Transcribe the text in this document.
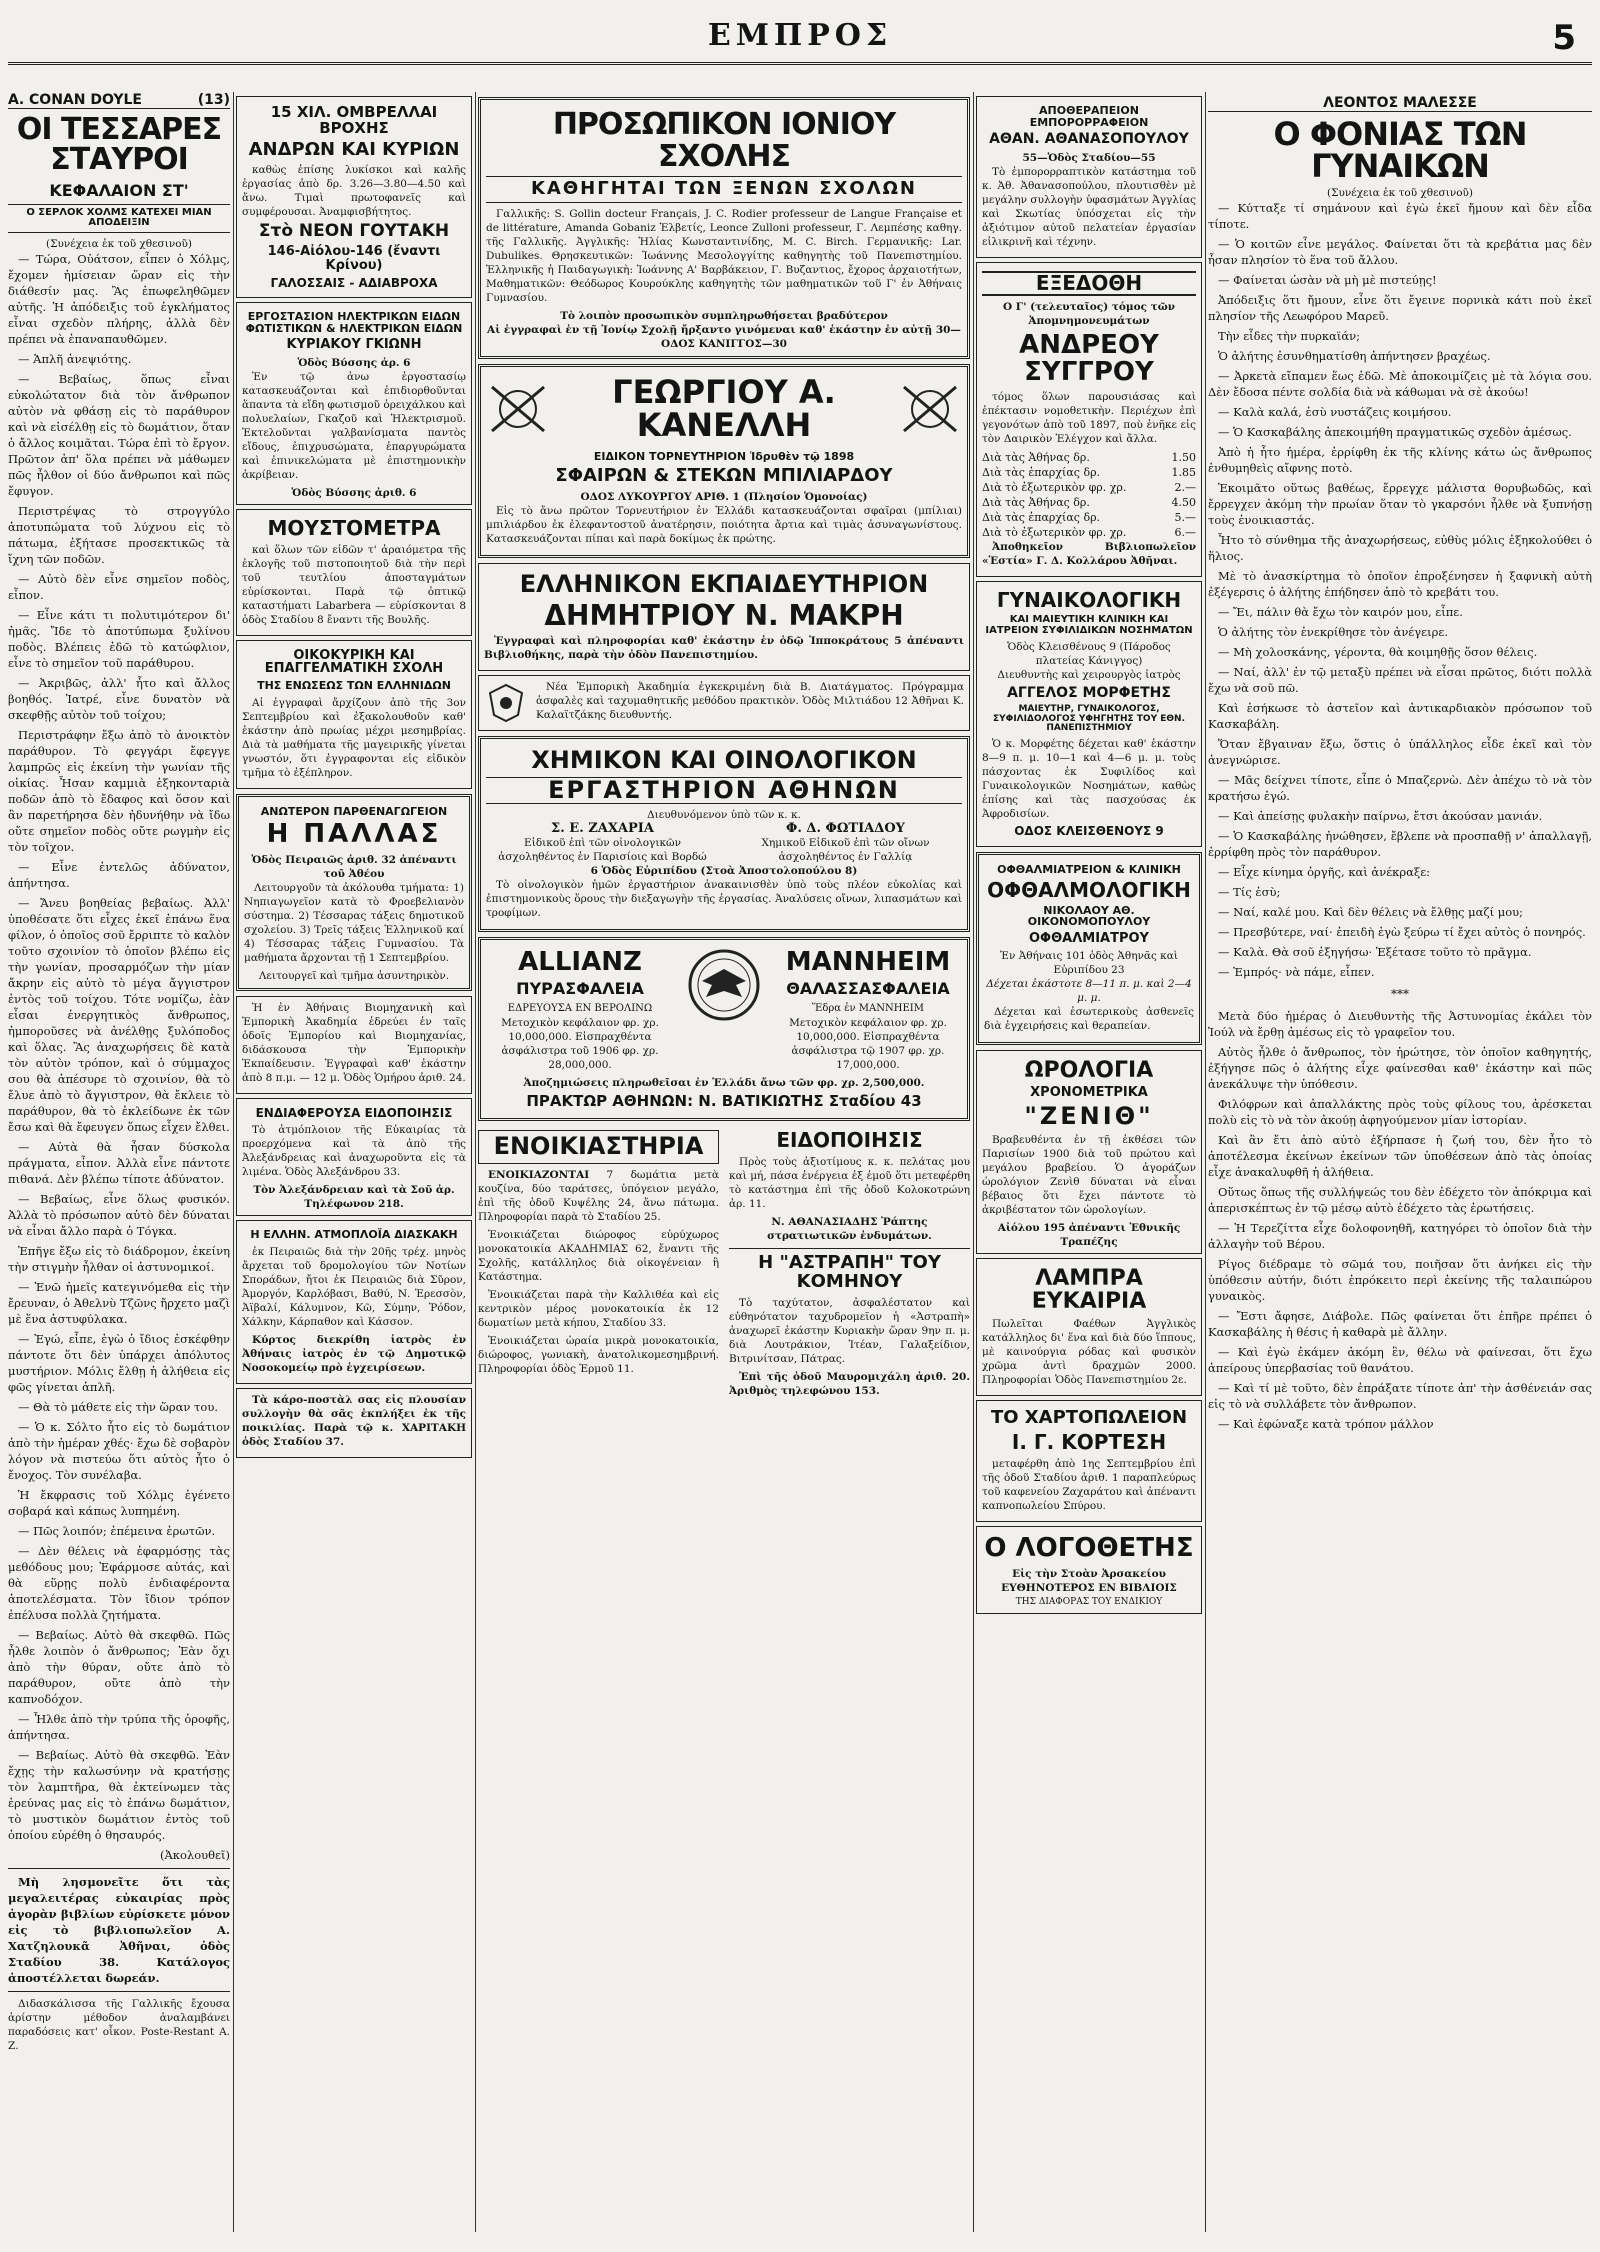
ΕΜΠΡΟΣ	5
Α. CONAN DOYLE	(13)
ΟΙ ΤΕΣΣΑΡΕΣ ΣΤΑΥΡΟΙ
ΚΕΦΑΛΑΙΟΝ ΣΤ'
Ο ΣΕΡΛΟΚ ΧΟΛΜΣ ΚΑΤΕΧΕΙ ΜΙΑΝ ΑΠΟΔΕΙΞΙΝ
(Συνέχεια ἐκ τοῦ χθεσινοῦ)

— Τώρα, Οὐάτσον, εἶπεν ὁ Χόλμς, ἔχομεν ἡμίσειαν ὥραν εἰς τὴν διάθεσίν μας. Ἂς ἐπωφεληθῶμεν αὐτῆς. Ἡ ἀπόδειξις τοῦ ἐγκλήματος εἶναι σχεδὸν πλήρης, ἀλλὰ δὲν πρέπει νὰ ἐπαναπαυθῶμεν.

— Ἁπλῆ ἀνεψιότης.

— Βεβαίως, ὅπως εἶναι εὐκολώτατον διὰ τὸν ἄνθρωπον αὐτὸν νὰ φθάσῃ εἰς τὸ παράθυρον καὶ νὰ εἰσέλθῃ εἰς τὸ δωμάτιον, ὅταν ὁ ἄλλος κοιμᾶται. Τώρα ἐπὶ τὸ ἔργον. Πρῶτον ἀπ' ὅλα πρέπει νὰ μάθωμεν πῶς ἦλθον οἱ δύο ἄνθρωποι καὶ πῶς ἔφυγον.

Περιστρέψας τὸ στρογγύλο ἀποτυπώματα τοῦ λύχνου εἰς τὸ πάτωμα, ἐξήτασε προσεκτικῶς τὰ ἴχνη τῶν ποδῶν.

— Αὐτὸ δὲν εἶνε σημεῖον ποδὸς, εἶπον.

— Εἶνε κάτι τι πολυτιμότερον δι' ἡμᾶς. Ἴδε τὸ ἀποτύπωμα ξυλίνου ποδὸς. Βλέπεις ἐδῶ τὸ κατώφλιον, εἶνε τὸ σημεῖον τοῦ παράθυρου.

— Ἀκριβῶς, ἀλλ' ἦτο καὶ ἄλλος βοηθός. Ἰατρέ, εἶνε δυνατὸν νὰ σκεφθῇς αὐτὸν τοῦ τοίχου;

Περιστράφην ἔξω ἀπὸ τὸ ἀνοικτὸν παράθυρον. Τὸ φεγγάρι ἔφεγγε λαμπρῶς εἰς ἐκείνη τὴν γωνίαν τῆς οἰκίας. Ἦσαν καμμιὰ ἑξηκονταριὰ ποδῶν ἀπὸ τὸ ἔδαφος καὶ ὅσον καὶ ἂν παρετήρησα δὲν ἠδυνήθην νὰ ἴδω οὔτε σημεῖον ποδὸς οὔτε ρωγμὴν εἰς τὸν τοῖχον.

— Εἶνε ἐντελῶς ἀδύνατον, ἀπήντησα.

— Ἄνευ βοηθείας βεβαίως. Ἀλλ' ὑποθέσατε ὅτι εἶχες ἐκεῖ ἐπάνω ἕνα φίλον, ὁ ὁποῖος σοῦ ἔρριπτε τὸ καλὸν τοῦτο σχοινίον τὸ ὁποῖον βλέπω εἰς τὴν γωνίαν, προσαρμόζων τὴν μίαν ἄκρην εἰς αὐτὸ τὸ μέγα ἄγγιστρον ἐντὸς τοῦ τοίχου. Τότε νομίζω, ἐὰν εἶσαι ἐνεργητικὸς ἄνθρωπος, ἠμποροῦσες νὰ ἀνέλθῃς ξυλόποδος καὶ ὅλας. Ἂς ἀναχωρήσεις δὲ κατὰ τὸν αὐτὸν τρόπον, καὶ ὁ σύμμαχος σου θὰ ἀπέσυρε τὸ σχοινίον, θὰ τὸ ἔλυε ἀπὸ τὸ ἄγγιστρον, θὰ ἔκλειε τὸ παράθυρον, θὰ τὸ ἐκλείδωνε ἐκ τῶν ἔσω καὶ θὰ ἔφευγεν ὅπως εἶχεν ἔλθει.

— Αὐτὰ θὰ ἦσαν δύσκολα πράγματα, εἶπον. Ἀλλὰ εἶνε πάντοτε πιθανά. Δὲν βλέπω τίποτε ἀδύνατον.

— Βεβαίως, εἶνε ὅλως φυσικόν. Ἀλλὰ τὸ πρόσωπον αὐτὸ δὲν δύναται νὰ εἶναι ἄλλο παρὰ ὁ Τόγκα.

Ἐπῆγε ἔξω εἰς τὸ διάδρομον, ἐκείνη τὴν στιγμὴν ἦλθαν οἱ ἀστυνομικοί.

— Ἐνῶ ἡμεῖς κατεγινόμεθα εἰς τὴν ἔρευναν, ὁ Ἀθελνὺ Τζῶνς ἤρχετο μαζὶ μὲ ἕνα ἀστυφύλακα.

— Ἐγώ, εἶπε, ἐγὼ ὁ ἴδιος ἐσκέφθην πάντοτε ὅτι δὲν ὑπάρχει ἀπόλυτος μυστήριον. Μόλις ἔλθῃ ἡ ἀλήθεια εἰς φῶς γίνεται ἁπλῆ.

— Θὰ τὸ μάθετε εἰς τὴν ὥραν του.

— Ὁ κ. Σόλτο ἦτο εἰς τὸ δωμάτιον ἀπὸ τὴν ἡμέραν χθές· ἔχω δὲ σοβαρὸν λόγον νὰ πιστεύω ὅτι αὐτὸς ἦτο ὁ ἔνοχος. Τὸν συνέλαβα.

Ἡ ἔκφρασις τοῦ Χόλμς ἐγένετο σοβαρά καὶ κάπως λυπημένη.

— Πῶς λοιπόν; ἐπέμεινα ἐρωτῶν.

— Δὲν θέλεις νὰ ἐφαρμόσῃς τὰς μεθόδους μου; Ἐφάρμοσε αὐτάς, καὶ θὰ εὕρῃς πολὺ ἐνδιαφέροντα ἀποτελέσματα. Τὸν ἴδιον τρόπον ἐπέλυσα πολλὰ ζητήματα.

— Βεβαίως. Αὐτὸ θὰ σκεφθῶ. Πῶς ἦλθε λοιπὸν ὁ ἄνθρωπος; Ἐὰν ὄχι ἀπὸ τὴν θύραν, οὔτε ἀπὸ τὸ παράθυρον, οὔτε ἀπὸ τὴν καπνοδόχον.

— Ἦλθε ἀπὸ τὴν τρύπα τῆς ὀροφῆς, ἀπήντησα.

— Βεβαίως. Αὐτὸ θὰ σκεφθῶ. Ἐὰν ἔχῃς τὴν καλωσύνην νὰ κρατήσῃς τὸν λαμπτῆρα, θὰ ἐκτείνωμεν τὰς ἐρεύνας μας εἰς τὸ ἐπάνω δωμάτιον, τὸ μυστικὸν δωμάτιον ἐντὸς τοῦ ὁποίου εὑρέθη ὁ θησαυρός.

(Ἀκολουθεῖ)

Μὴ λησμονεῖτε ὅτι τὰς μεγαλειτέρας εὐκαιρίας πρὸς ἀγορὰν βιβλίων εὑρίσκετε μόνον εἰς τὸ βιβλιοπωλεῖον Α. Χατζηλουκᾶ Ἀθῆναι, ὁδὸς Σταδίου 38. Κατάλογος ἀποστέλλεται δωρεάν.

Διδασκάλισσα τῆς Γαλλικῆς ἔχουσα ἀρίστην μέθοδον ἀναλαμβάνει παραδόσεις κατ' οἶκον. Poste-Restant Α. Ζ.

15 ΧΙΛ. ΟΜΒΡΕΛΛΑΙ ΒΡΟΧΗΣ
ΑΝΔΡΩΝ ΚΑΙ ΚΥΡΙΩΝ

καθὼς ἐπίσης λυκίσκοι καὶ καλῆς ἐργασίας ἀπὸ δρ. 3.26—3.80—4.50 καὶ ἄνω. Τιμαὶ πρωτοφανεῖς καὶ συμφέρουσαι. Ἀναμφισβήτητος.

Στὸ ΝΕΟΝ ΓΟΥΤΑΚΗ
146-Αἰόλου-146 (ἔναντι Κρίνου)
ΓΑΛΟΣΣΑΙΣ - ΑΔΙΑΒΡΟΧΑ
ΕΡΓΟΣΤΑΣΙΟΝ ΗΛΕΚΤΡΙΚΩΝ ΕΙΔΩΝ ΦΩΤΙΣΤΙΚΩΝ & ΗΛΕΚΤΡΙΚΩΝ ΕΙΔΩΝ
ΚΥΡΙΑΚΟΥ ΓΚΙΩΝΗ
Ὁδὸς Βύσσης ἀρ. 6

Ἐν τῷ ἀνω ἐργοστασίῳ κατασκευάζονται καὶ ἐπιδιορθοῦνται ἅπαντα τὰ εἴδη φωτισμοῦ ὁρειχάλκου καὶ πολυελαίων, Γκαζοῦ καὶ Ἠλεκτρισμοῦ. Ἐκτελοῦνται γαλβανίσματα παντὸς εἴδους, ἐπιχρυσώματα, ἐπαργυρώματα καὶ ἐπινικελώματα μὲ ἐπιστημονικὴν ἀκρίβειαν.

Ὁδὸς Βύσσης ἀριθ. 6
ΜΟΥΣΤΟΜΕΤΡΑ

καὶ ὅλων τῶν εἰδῶν τ' ἀραιόμετρα τῆς ἐκλογῆς τοῦ πιστοποιητοῦ διὰ τὴν περὶ τοῦ τευτλίου ἀποσταγμάτων εὑρίσκονται. Παρὰ τῷ ὀπτικῷ καταστήματι Labarbera — εὑρίσκονται 8 ὁδὸς Σταδίου 8 ἔναντι τῆς Βουλῆς.

ΟΙΚΟΚΥΡΙΚΗ ΚΑΙ ΕΠΑΓΓΕΛΜΑΤΙΚΗ ΣΧΟΛΗ
ΤΗΣ ΕΝΩΣΕΩΣ ΤΩΝ ΕΛΛΗΝΙΔΩΝ

Αἱ ἐγγραφαὶ ἄρχίζουν ἀπὸ τῆς 3ον Σεπτεμβρίου καὶ ἐξακολουθοῦν καθ' ἑκάστην ἀπὸ πρωίας μέχρι μεσημβρίας. Διὰ τὰ μαθήματα τῆς μαγειρικῆς γίνεται γνωστόν, ὅτι ἐγγραφονται εἰς εἰδικὸν τμῆμα τὸ ἐξέπληρον.

ΑΝΩΤΕΡΟΝ ΠΑΡΘΕΝΑΓΩΓΕΙΟΝ
Η ΠΑΛΛΑΣ
Ὁδὸς Πειραιῶς ἀριθ. 32 ἀπέναντι τοῦ Ἀθέου

Λειτουργοῦν τὰ ἀκόλουθα τμήματα: 1) Νηπιαγωγεῖον κατὰ τὸ Φροεβελιανὸν σύστημα. 2) Τέσσαρας τάξεις δημοτικοῦ σχολείου. 3) Τρεῖς τάξεις Ἑλληνικοῦ καί 4) Τέσσαρας τάξεις Γυμνασίου. Τὰ μαθήματα ἄρχονται τῇ 1 Σεπτεμβρίου.

Λειτουργεῖ καὶ τμῆμα ἀσυντηρικὸν.

Ἡ ἐν Ἀθήναις Βιομηχανικὴ καὶ Ἐμπορικὴ Ἀκαδημία ἐδρεύει ἐν ταῖς ὁδοῖς Ἐμπορίου καὶ Βιομηχανίας, διδάσκουσα τὴν Ἐμπορικὴν Ἐκπαίδευσιν. Ἐγγραφαὶ καθ' ἑκάστην ἀπὸ 8 π.μ. — 12 μ. Ὁδὸς Ὁμήρου ἀριθ. 24.

ΕΝΔΙΑΦΕΡΟΥΣΑ ΕΙΔΟΠΟΙΗΣΙΣ

Τὸ ἀτμόπλοιον τῆς Εὐκαιρίας τὰ προερχόμενα καὶ τὰ ἀπὸ τῆς Ἀλεξάνδρειας καὶ ἀναχωροῦντα εἰς τὰ λιμένα. Ὁδὸς Ἀλεξάνδρου 33.

Τὸν Ἀλεξάνδρειαν καὶ τὰ Σοῦ ἀρ. Τηλέφωνον 218.
Η ΕΛΛΗΝ. ΑΤΜΟΠΛΟΪΑ ΔΙΑΣΚΑΚΗ

ἐκ Πειραιῶς διὰ τὴν 20ῆς τρέχ. μηνὸς ἄρχεται τοῦ δρομολογίου τῶν Νοτίων Σποράδων, ἤτοι ἐκ Πειραιῶς διὰ Σῦρον, Ἀμοργόν, Καρλόβασι, Βαθύ, Ν. Ἐρεσσὸν, Ἀϊβαλί, Κάλυμνον, Κῶ, Σύμην, Ῥόδον, Χάλκην, Κάρπαθον καὶ Κάσσον.

Κύρτος διεκρίθη ἰατρὸς ἐν Ἀθήναις ἰατρὸς ἐν τῷ Δημοτικῷ Νοσοκομείῳ πρὸ ἐγχειρίσεων.

Τὰ κάρο-ποστὰλ σας εἰς πλουσίαν συλλογὴν θὰ σᾶς ἐκπλήξει ἐκ τῆς ποικιλίας. Παρὰ τῷ κ. ΧΑΡΙΤΑΚΗ ὁδὸς Σταδίου 37.

ΠΡΟΣΩΠΙΚΟΝ ΙΟΝΙΟΥ ΣΧΟΛΗΣ
ΚΑΘΗΓΗΤΑΙ ΤΩΝ ΞΕΝΩΝ ΣΧΟΛΩΝ

Γαλλικῆς: S. Gollin docteur Français, J. C. Rodier professeur de Langue Française et de littérature, Amanda Gobaniz Ἑλβετίς, Leonce Zulloni professeur, Γ. Λεμπέσης καθηγ. τῆς Γαλλικῆς. Ἀγγλικῆς: Ἠλίας Κωνσταντινίδης, M. C. Birch. Γερμανικῆς: Lar. Dubulikes. Θρησκευτικῶν: Ἰωάννης Μεσολογγίτης καθηγητὴς τοῦ Πανεπιστημίου. Ἑλληνικῆς ἡ Παιδαγωγικὴ: Ἰωάννης Α' Βαρβάκειον, Γ. Βυζαντιος, ἔχορος ἀρχαιοτήτων, Μαθηματικῶν: Θεόδωρος Κουρούκλης καθηγητὴς τῶν μαθηματικῶν τοῦ Γ' ἐν Ἀθήναις Γυμνασίου.

Τὸ λοιπὸν προσωπικὸν συμπληρωθήσεται βραδύτερον
Αἱ ἐγγραφαὶ ἐν τῇ Ἰονίῳ Σχολῇ ἤρξαντο γινόμεναι καθ' ἑκάστην ἐν αὐτῇ 30—ΟΔΟΣ ΚΑΝΙΓΓΟΣ—30
ΓΕΩΡΓΙΟΥ Α. ΚΑΝΕΛΛΗ
ΕΙΔΙΚΟΝ ΤΟΡΝΕΥΤΗΡΙΟΝ Ἱδρυθὲν τῷ 1898
ΣΦΑΙΡΩΝ & ΣΤΕΚΩΝ ΜΠΙΛΙΑΡΔΟΥ
ΟΔΟΣ ΛΥΚΟΥΡΓΟΥ ΑΡΙΘ. 1 (Πλησίον Ὁμονοίας)

Εἰς τὸ ἄνω πρῶτον Τορνευτήριον ἐν Ἑλλάδι κατασκευάζονται σφαῖραι (μπίλιαι) μπιλιάρδου ἐκ ἐλεφαντοστοῦ ἀνατέρησιν, ποιότητα ἄρτια καὶ τιμὰς ἀσυναγωνίστους. Κατασκευάζονται πίπαι καὶ παρὰ δοκίμως ἐκ πρώτης.

ΕΛΛΗΝΙΚΟΝ ΕΚΠΑΙΔΕΥΤΗΡΙΟΝ
ΔΗΜΗΤΡΙΟΥ Ν. ΜΑΚΡΗ

Ἐγγραφαὶ καὶ πληροφορίαι καθ' ἑκάστην ἐν ὁδῷ Ἱπποκράτους 5 ἀπέναντι Βιβλιοθήκης, παρὰ τὴν ὁδὸν Πανεπιστημίου.

Νέα Ἐμπορικὴ Ἀκαδημία ἐγκεκριμένη διὰ Β. Διατάγματος. Πρόγραμμα ἀσφαλὲς καὶ ταχυμαθητικῆς μεθόδου πρακτικὸν. Ὁδὸς Μιλτιάδου 12 Ἀθῆναι Κ. Καλαϊτζάκης διευθυντής.

ΧΗΜΙΚΟΝ ΚΑΙ ΟΙΝΟΛΟΓΙΚΟΝ
ΕΡΓΑΣΤΗΡΙΟΝ ΑΘΗΝΩΝ
Διευθυνόμενον ὑπὸ τῶν κ. κ.
Σ. Ε. ΖΑΧΑΡΙΑ
Εἰδικοῦ ἐπὶ τῶν οἰνολογικῶν ἀσχοληθέντος ἐν Παρισίοις καὶ Βορδώ
Φ. Δ. ΦΩΤΙΑΔΟΥ
Χημικοῦ Εἰδικοῦ ἐπὶ τῶν οἴνων ἀσχοληθέντος ἐν Γαλλίᾳ
6 Ὁδὸς Εὐριπίδου (Στοὰ Ἀποστολοπούλου 8)

Τὸ οἰνολογικὸν ἡμῶν ἐργαστήριον ἀνακαινισθὲν ὑπὸ τοὺς πλέον εὐκολίας καὶ ἐπιστημονικοὺς ὅρους τὴν διεξαγωγὴν τῆς ἐργασίας. Ἀναλύσεις οἴνων, λιπασμάτων καὶ τροφίμων.

ALLIANZ
ΠΥΡΑΣΦΑΛΕΙΑ
ΕΔΡΕΥΟΥΣΑ ΕΝ ΒΕΡΟΛΙΝΩ

Μετοχικὸν κεφάλαιον φρ. χρ. 10,000,000. Εἰσπραχθέντα ἀσφάλιστρα τοῦ 1906 φρ. χρ. 28,000,000.

MANNHEIM
ΘΑΛΑΣΣΑΣΦΑΛΕΙΑ
Ἕδρα ἐν MANNHEIM

Μετοχικὸν κεφάλαιον φρ. χρ. 10,000,000. Εἰσπραχθέντα ἀσφάλιστρα τῷ 1907 φρ. χρ. 17,000,000.

Ἀποζημιώσεις πληρωθεῖσαι ἐν Ἑλλάδι ἄνω τῶν φρ. χρ. 2,500,000.
ΠΡΑΚΤΩΡ ΑΘΗΝΩΝ: Ν. ΒΑΤΙΚΙΩΤΗΣ Σταδίου 43
ΕΝΟΙΚΙΑΣΤΗΡΙΑ

ΕΝΟΙΚΙΑΖΟΝΤΑΙ 7 δωμάτια μετὰ κουζίνα, δύο ταράτσες, ὑπόγειον μεγάλο, ἐπὶ τῆς ὁδοῦ Κυψέλης 24, ἄνω πάτωμα. Πληροφορίαι παρὰ τὸ Σταδίου 25.

Ἐνοικιάζεται διώροφος εὐρύχωρος μονοκατοικία ΑΚΑΔΗΜΙΑΣ 62, ἔναντι τῆς Σχολῆς, κατάλληλος διὰ οἰκογένειαν ἢ Κατάστημα.

Ἐνοικιάζεται παρὰ τὴν Καλλιθέα καὶ εἰς κεντρικὸν μέρος μονοκατοικία ἐκ 12 δωματίων μετὰ κήπου, Σταδίου 33.

Ἐνοικιάζεται ὡραία μικρὰ μονοκατοικία, διώροφος, γωνιακὴ, ἀνατολικομεσημβρινή. Πληροφορίαι ὁδὸς Ἑρμοῦ 11.

ΕΙΔΟΠΟΙΗΣΙΣ

Πρὸς τοὺς ἀξιοτίμους κ. κ. πελάτας μου καὶ μή, πάσα ἐνέργεια ἐξ ἐμοῦ ὅτι μετεφέρθη τὸ κατάστημα ἐπὶ τῆς ὁδοῦ Κολοκοτρώνη ἀρ. 11.

Ν. ΑΘΑΝΑΣΙΑΔΗΣ Ῥάπτης στρατιωτικῶν ἐνδυμάτων.
Η "ΑΣΤΡΑΠΗ" ΤΟΥ ΚΟΜΗΝΟΥ

Τὸ ταχύτατον, ἀσφαλέστατον καὶ εὐθηνότατον ταχυδρομεῖον ἡ «Ἀστραπὴ» ἀναχωρεῖ ἑκάστην Κυριακὴν ὥραν 9ην π. μ. διὰ Λουτράκιον, Ἰτέαν, Γαλαξείδιον, Βιτρινίτσαν, Πάτρας.

Ἐπὶ τῆς ὁδοῦ Μαυρομιχάλη ἀριθ. 20. Ἀριθμὸς τηλεφώνου 153.

ΑΠΟΘΕΡΑΠΕΙΟΝ ΕΜΠΟΡΟΡΡΑΦΕΙΟΝ
ΑΘΑΝ. ΑΘΑΝΑΣΟΠΟΥΛΟΥ
55—Ὁδὸς Σταδίου—55

Τὸ ἐμπορορραπτικὸν κατάστημα τοῦ κ. Ἀθ. Ἀθανασοπούλου, πλουτισθὲν μὲ μεγάλην συλλογὴν ὑφασμάτων Ἀγγλίας καὶ Σκωτίας ὑπόσχεται εἰς τὴν ἀξιότιμον αὐτοῦ πελατείαν ἐργασίαν εἰλικρινῆ καὶ τέχνην.

ΕΞΕΔΟΘΗ
Ο Γ' (τελευταῖος) τόμος τῶν Ἀπομνημονευμάτων
ΑΝΔΡΕΟΥ ΣΥΓΓΡΟΥ

τόμος ὅλων παρουσιάσας καὶ ἐπέκτασιν νομοθετικὴν. Περιέχων ἐπὶ γεγονότων ἀπὸ τοῦ 1897, ποὺ ἑνῆκε εἰς τὸν Δαιρικὸν Ἐλέγχον καὶ ἄλλα.

Διὰ τὰς Ἀθήνας δρ.	1.50
Διὰ τὰς ἐπαρχίας δρ.	1.85
Διὰ τὸ ἐξωτερικὸν φρ. χρ.	2.—
Διὰ τὰς Ἀθήνας δρ.	4.50
Διὰ τὰς ἐπαρχίας δρ.	5.—
Διὰ τὸ ἐξωτερικὸν φρ. χρ.	6.—

Ἀποθηκεῖον Βιβλιοπωλεῖον «Ἑστία» Γ. Δ. Κολλάρου Ἀθῆναι.

ΓΥΝΑΙΚΟΛΟΓΙΚΗ
ΚΑΙ ΜΑΙΕΥΤΙΚΗ ΚΛΙΝΙΚΗ ΚΑΙ ΙΑΤΡΕΙΟΝ ΣΥΦΙΛΙΔΙΚΩΝ ΝΟΣΗΜΑΤΩΝ
Ὁδὸς Κλεισθένους 9 (Πάροδος πλατείας Κάνιγγος)
Διευθυντὴς καὶ χειρουργὸς ἰατρὸς
ΑΓΓΕΛΟΣ ΜΟΡΦΕΤΗΣ
ΜΑΙΕΥΤΗΡ, ΓΥΝΑΙΚΟΛΟΓΟΣ, ΣΥΦΙΛΙΔΟΛΟΓΟΣ ΥΦΗΓΗΤΗΣ ΤΟΥ ΕΘΝ. ΠΑΝΕΠΙΣΤΗΜΙΟΥ

Ὁ κ. Μορφέτης δέχεται καθ' ἑκάστην 8—9 π. μ. 10—1 καὶ 4—6 μ. μ. τοὺς πάσχοντας ἐκ Συφιλίδος καὶ Γυναικολογικῶν Νοσημάτων, καθὼς ἐπίσης καὶ τὰς πασχούσας ἐκ Ἀφροδισίων.

ΟΔΟΣ ΚΛΕΙΣΘΕΝΟΥΣ 9
ΟΦΘΑΛΜΙΑΤΡΕΙΟΝ & ΚΛΙΝΙΚΗ
ΟΦΘΑΛΜΟΛΟΓΙΚΗ
ΝΙΚΟΛΑΟΥ ΑΘ. ΟΙΚΟΝΟΜΟΠΟΥΛΟΥ
ΟΦΘΑΛΜΙΑΤΡΟΥ
Ἐν Ἀθήναις 101 ὁδὸς Ἀθηνᾶς καὶ Εὐριπίδου 23
Δέχεται ἑκάστοτε 8—11 π. μ. καὶ 2—4 μ. μ.

Δέχεται καὶ ἐσωτερικοὺς ἀσθενεῖς διὰ ἐγχειρήσεις καὶ θεραπείαν.

ΩΡΟΛΟΓΙΑ
ΧΡΟΝΟΜΕΤΡΙΚΑ
"ΖΕΝΙΘ"

Βραβευθέντα ἐν τῇ ἐκθέσει τῶν Παρισίων 1900 διὰ τοῦ πρώτου καὶ μεγάλου βραβείου. Ὁ ἀγοράζων ὡρολόγιον Ζενὶθ δύναται νὰ εἶναι βέβαιος ὅτι ἔχει πάντοτε τὸ ἀκριβέστατον τῶν ὡρολογίων.

Αἰόλου 195 ἀπέναντι Ἐθνικῆς Τραπέζης
ΛΑΜΠΡΑ ΕΥΚΑΙΡΙΑ

Πωλεῖται Φαέθων Ἀγγλικὸς κατάλληλος δι' ἕνα καὶ διὰ δύο ἵππους, μὲ καινούργια ρόδας καὶ φυσικὸν χρῶμα ἀντὶ δραχμῶν 2000. Πληροφορίαι Ὁδὸς Πανεπιστημίου 2ε.

ΤΟ ΧΑΡΤΟΠΩΛΕΙΟΝ
Ι. Γ. ΚΟΡΤΕΣΗ

μεταφέρθη ἀπὸ 1ης Σεπτεμβρίου ἐπὶ τῆς ὁδοῦ Σταδίου ἀριθ. 1 παραπλεύρως τοῦ καφενείου Ζαχαράτου καὶ ἀπέναντι καπνοπωλείου Σπύρου.

Ο ΛΟΓΟΘΕΤΗΣ
Εἰς τὴν Στοὰν Ἀρσακείου
ΕΥΘΗΝΟΤΕΡΟΣ ΕΝ ΒΙΒΛΙΟΙΣ
ΤΗΣ ΔΙΑΦΟΡΑΣ ΤΟΥ ΕΝΔΙΚΙΟΥ
ΛΕΟΝΤΟΣ ΜΑΛΕΣΣΕ
Ο ΦΟΝΙΑΣ ΤΩΝ ΓΥΝΑΙΚΩΝ
(Συνέχεια ἐκ τοῦ χθεσινοῦ)

— Κύτταξε τί σημάνουν καὶ ἐγὼ ἐκεῖ ἤμουν καὶ δὲν εἶδα τίποτε.

— Ὁ κοιτῶν εἶνε μεγάλος. Φαίνεται ὅτι τὰ κρεβάτια μας δὲν ἦσαν πλησίον τὸ ἕνα τοῦ ἄλλου.

— Φαίνεται ὡσὰν νὰ μὴ μὲ πιστεύῃς!

Ἀπόδειξις ὅτι ἤμουν, εἶνε ὅτι ἔγεινε πορνικὰ κάτι ποὺ ἐκεῖ πλησίον τῆς Λεωφόρου Μαρεῦ.

Τὴν εἶδες τὴν πυρκαϊάν;

Ὁ ἀλήτης ἐσυνθηματίσθη ἀπήντησεν βραχέως.

— Ἀρκετὰ εἴπαμεν ἕως ἐδῶ. Μὲ ἀποκοιμίζεις μὲ τὰ λόγια σου. Δὲν ἔδοσα πέντε σολδία διὰ νὰ κάθωμαι νὰ σὲ ἀκούω!

— Καλὰ καλά, ἐσὺ νυστάζεις κοιμήσου.

— Ὁ Κασκαβάλης ἀπεκοιμήθη πραγματικῶς σχεδὸν ἀμέσως.

Ἀπὸ ἡ ἦτο ἡμέρα, ἐρρίφθη ἐκ τῆς κλίνης κάτω ὡς ἄνθρωπος ἐνθυμηθεὶς αἴφνης ποτὸ.

Ἐκοιμᾶτο οὕτως βαθέως, ἔρρεγχε μάλιστα θορυβωδῶς, καὶ ἔρρεγχεν ἀκόμη τὴν πρωίαν ὅταν τὸ γκαρσόνι ἦλθε νὰ ξυπνήσῃ τοὺς ἐνοικιαστάς.

Ἦτο τὸ σύνθημα τῆς ἀναχωρήσεως, εὐθὺς μόλις ἐξηκολούθει ὁ ἥλιος.

Μὲ τὸ ἀνασκίρτημα τὸ ὁποῖον ἐπροξένησεν ἡ ξαφνικὴ αὐτὴ ἐξέγερσις ὁ ἀλήτης ἐπήδησεν ἀπὸ τὸ κρεβάτι του.

— Ἔι, πάλιν θὰ ἔχω τὸν καιρόν μου, εἶπε.

Ὁ ἀλήτης τὸν ἐνεκρίθησε τὸν ἀνέγειρε.

— Μὴ χολοσκάνης, γέροντα, θὰ κοιμηθῇς ὅσον θέλεις.

— Ναί, ἀλλ' ἐν τῷ μεταξὺ πρέπει νὰ εἶσαι πρῶτος, διότι πολλὰ ἔχω νὰ σοῦ πῶ.

Καὶ ἐσήκωσε τὸ ἀστεῖον καὶ ἀντικαρδιακὸν πρόσωπον τοῦ Κασκαβάλη.

Ὅταν ἔβγαιναν ἔξω, ὅστις ὁ ὑπάλληλος εἶδε ἐκεῖ καὶ τὸν ἀνεγνώρισε.

— Μᾶς δείχνει τίποτε, εἶπε ὁ Μπαζερνὼ. Δὲν ἀπέχω τὸ νὰ τὸν κρατήσω ἐγώ.

— Καὶ ἀπείσῃς φυλακὴν παίρνω, ἔτσι ἀκούσαν μανιάν.

— Ὁ Κασκαβάλης ἠνώθησεν, ἔβλεπε νὰ προσπαθῇ ν' ἀπαλλαγῇ, ἐρρίφθη πρὸς τὸν παράθυρον.

— Εἶχε κίνημα ὀργῆς, καὶ ἀνέκραξε:

— Τίς ἐσὺ;

— Ναί, καλέ μου. Καὶ δὲν θέλεις νὰ ἔλθῃς μαζί μου;

— Πρεσβύτερε, ναί· ἐπειδὴ ἐγὼ ξεύρω τί ἔχει αὐτὸς ὁ πονηρός.

— Καλὰ. Θὰ σοῦ ἐξηγήσω· Ἐξέτασε τοῦτο τὸ πρᾶγμα.

— Ἐμπρός· νὰ πάμε, εἶπεν.

***

Μετὰ δύο ἡμέρας ὁ Διευθυντὴς τῆς Ἀστυνομίας ἐκάλει τὸν Ἰούλ νὰ ἔρθῃ ἀμέσως εἰς τὸ γραφεῖον του.

Αὐτὸς ἦλθε ὁ ἄνθρωπος, τὸν ἠρώτησε, τὸν ὁποῖον καθηγητής, ἐξήγησε πῶς ὁ ἀλήτης εἶχε φαίνεσθαι καθ' ἑκάστην καὶ πῶς ἀνεκάλυψε τὴν ὑπόθεσιν.

Φιλόφρων καὶ ἀπαλλάκτης πρὸς τοὺς φίλους του, ἀρέσκεται πολὺ εἰς τὸ νὰ τὸν ἀκούῃ ἀφηγούμενον μίαν ἱστορίαν.

Καὶ ἂν ἔτι ἀπὸ αὐτὸ ἐξήρπασε ἡ ζωή του, δὲν ἦτο τὸ ἀποτέλεσμα ἐκείνων ἐκείνων τῶν ὑποθέσεων ἀπὸ τὰς ὁποίας εἶχε ἀνακαλυφθῆ ἡ ἀλήθεια.

Οὕτως ὅπως τῆς συλλήψεώς του δὲν ἐδέχετο τὸν ἀπόκριμα καὶ ἀπερισκέπτως ἐν τῷ μέσῳ αὐτὸ ἐδέχετο τὰς ἐρωτήσεις.

— Ἡ Τερεζίττα εἶχε δολοφονηθῆ, κατηγόρει τὸ ὁποῖον διὰ τὴν ἀλλαγὴν τοῦ Βέρου.

Ρίγος διέδραμε τὸ σῶμά του, ποιῆσαν ὅτι ἀνήκει εἰς τὴν ὑπόθεσιν αὐτήν, διότι ἐπρόκειτο περὶ ἐκείνης τῆς ταλαιπώρου γυναικὸς.

— Ἔστι ἄφησε, Διάβολε. Πῶς φαίνεται ὅτι ἐπῆρε πρέπει ὁ Κασκαβάλης ἡ θέσις ἡ καθαρὰ μὲ ἄλλην.

— Καὶ ἐγὼ ἐκάμεν ἀκόμη ἓν, θέλω νὰ φαίνεσαι, ὅτι ἔχω ἀπείρους ὑπερβασίας τοῦ θανάτου.

— Καὶ τί μὲ τοῦτο, δὲν ἐπράξατε τίποτε ἀπ' τὴν ἀσθένειάν σας εἰς τὸ νὰ συλλάβετε τὸν ἄνθρωπον.

— Καὶ ἐφώναξε κατὰ τρόπον μάλλον
